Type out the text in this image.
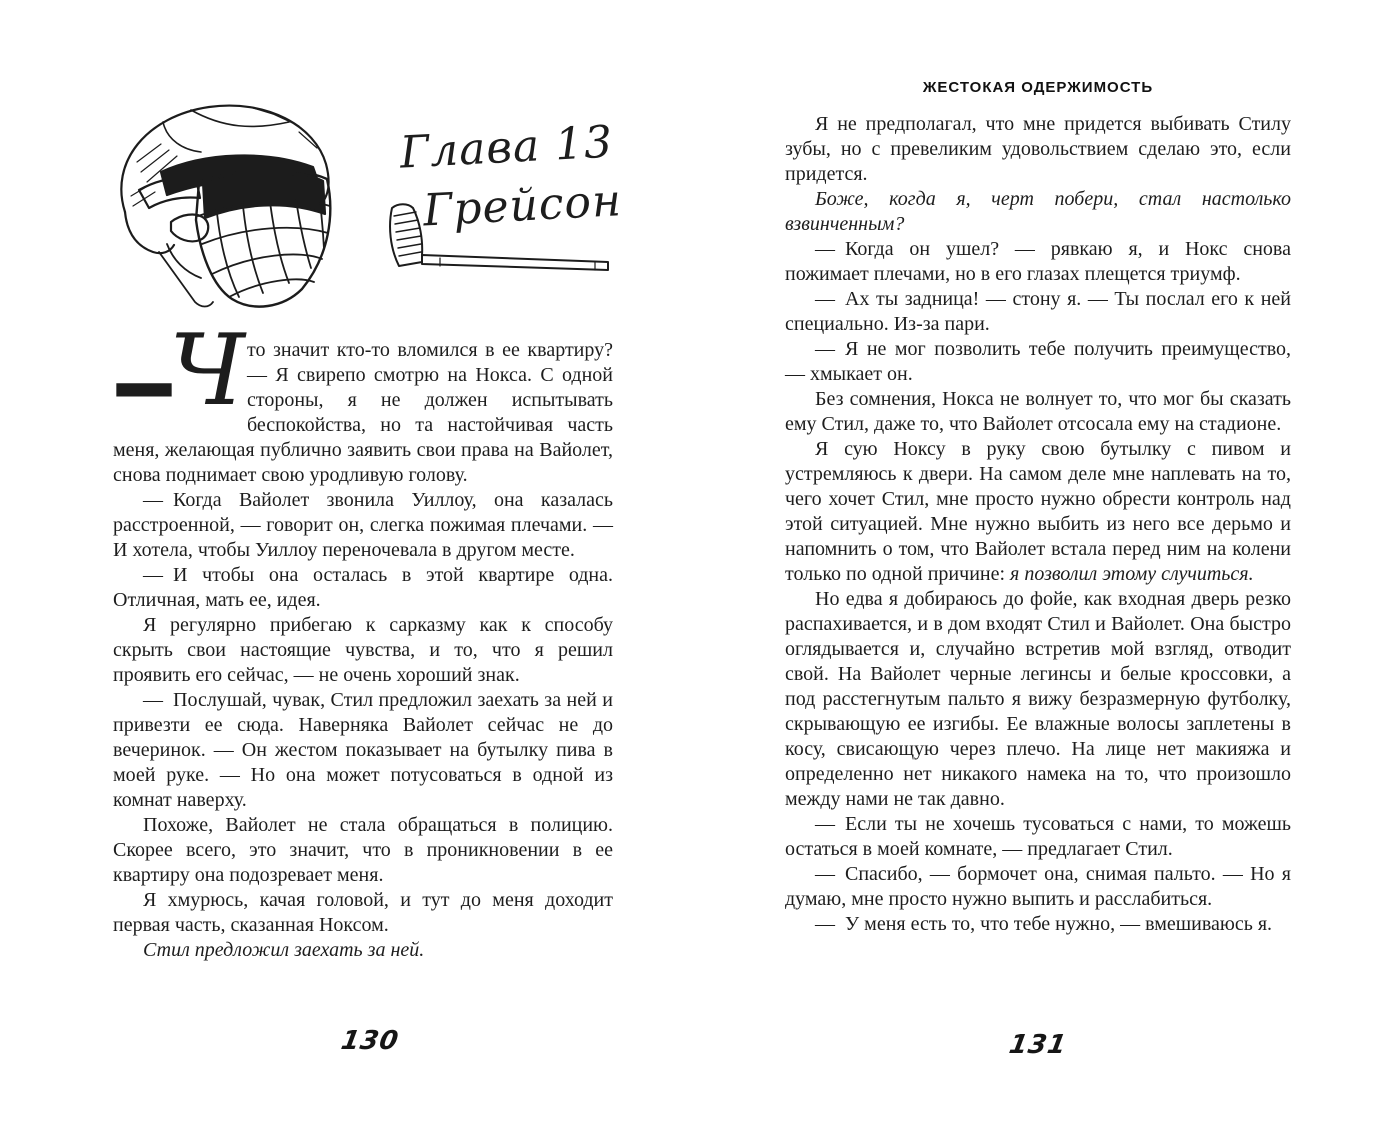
Глава 13
Грейсон

—
Ч то значит кто-то вломился в ее квартиру? — Я свирепо смотрю на Нокса. С одной стороны, я не должен испытывать беспокойства, но та настойчивая часть меня, желающая публично заявить свои права на Вайолет, снова поднимает свою уродливую голову.

— Когда Вайолет звонила Уиллоу, она казалась расстроенной, — говорит он, слегка пожимая плечами. — И хотела, чтобы Уиллоу переночевала в другом месте.

— И чтобы она осталась в этой квартире одна. Отличная, мать ее, идея.

Я регулярно прибегаю к сарказму как к способу скрыть свои настоящие чувства, и то, что я решил проявить его сейчас, — не очень хороший знак.

— Послушай, чувак, Стил предложил заехать за ней и привезти ее сюда. Наверняка Вайолет сейчас не до вечеринок. — Он жестом показывает на бутылку пива в моей руке. — Но она может потусоваться в одной из комнат наверху.

Похоже, Вайолет не стала обращаться в полицию. Скорее всего, это значит, что в проникновении в ее квартиру она подозревает меня.

Я хмурюсь, качая головой, и тут до меня доходит первая часть, сказанная Ноксом.

Стил предложил заехать за ней.

130
ЖЕСТОКАЯ ОДЕРЖИМОСТЬ

Я не предполагал, что мне придется выбивать Стилу зубы, но с превеликим удовольствием сделаю это, если придется.

Боже, когда я, черт побери, стал настолько взвинченным?

— Когда он ушел? — рявкаю я, и Нокс снова пожимает плечами, но в его глазах плещется триумф.

— Ах ты задница! — стону я. — Ты послал его к ней специально. Из-за пари.

— Я не мог позволить тебе получить преимущество, — хмыкает он.

Без сомнения, Нокса не волнует то, что мог бы сказать ему Стил, даже то, что Вайолет отсосала ему на стадионе.

Я сую Ноксу в руку свою бутылку с пивом и устремляюсь к двери. На самом деле мне наплевать на то, чего хочет Стил, мне просто нужно обрести контроль над этой ситуацией. Мне нужно выбить из него все дерьмо и напомнить о том, что Вайолет встала перед ним на колени только по одной причине: я позволил этому случиться.

Но едва я добираюсь до фойе, как входная дверь резко распахивается, и в дом входят Стил и Вайолет. Она быстро оглядывается и, случайно встретив мой взгляд, отводит свой. На Вайолет черные легинсы и белые кроссовки, а под расстегнутым пальто я вижу безразмерную футболку, скрывающую ее изгибы. Ее влажные волосы заплетены в косу, свисающую через плечо. На лице нет макияжа и определенно нет никакого намека на то, что произошло между нами не так давно.

— Если ты не хочешь тусоваться с нами, то можешь остаться в моей комнате, — предлагает Стил.

— Спасибо, — бормочет она, снимая пальто. — Но я думаю, мне просто нужно выпить и расслабиться.

— У меня есть то, что тебе нужно, — вмешиваюсь я.

131
